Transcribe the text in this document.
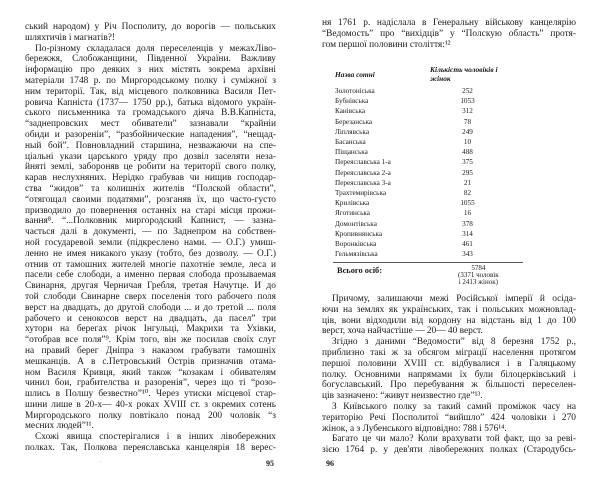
ський народом) у Річ Посполиту, до ворогів — польських
шляхтичів і магнатів?!
По-різному складалася доля переселенців у межахЛіво-
бережжя, Слобожанщини, Південної України. Важливу
інформацію про деяких з них містять зокрема архівні
матеріали 1748 р. по Миргородському полку і суміжної з
ним території. Так, від місцевого полковника Василя Пет-
ровича Капніста (1737— 1750 рр.), батька відомого україн-
ського письменника та громадського діяча В.В.Капніста,
“заднепровских мест обиватели” зазнавали “крайніи
обиди и разореніи”, “разбойнические нападения”, “нещад-
ный бой”. Повновладний старшина, незважаючи на спе-
ціальні укази царського уряду про дозвіл заселяти неза-
йняті землі, забороняв це робити на території свого полку,
карав неслухняних. Нерідко грабував чи нищив господар-
ства “жидов” та колишніх жителів “Полской области”,
“отягощал своими податями”, розганяв їх, що часто-густо
призводило до повернення останніх на старі місця прожи-
вання⁸. “...Полковник миргородский Капнист, — зазна-
чається далі в документі, — по Заднепром на собствен-
ной государевой земли (підкреслено нами. — О.Г.) умиш-
ленно не имея никакого указу (тобто, без дозволу. — О.Г.)
отнив от тамошних жителей многіе пахотніе земле, леса и
пасели себе слободи, а именно первая слобода прозываемая
Свинарня, другая Черничая Гребля, третая Начутце. И до
той слободи Свинарне сверх поселенія того рабочего поля
верст на двадцать, до другой слободи ... и до третой ... поля
рабочего и сенокосов верст на двадцать, да пасел” три
хутори на берегах річок Інгульці, Макрихи та Ухівки,
“отобрав все поля”⁹. Крім того, він же посилав своїх слуг
на правий берег Дніпра з наказом грабувати тамошніх
мешканців. А в с.Петровський Острів призначив отама-
ном Василя Кривця, який також “козакам і обивателям
чинил бои, грабителства и разоренія”, через що ті “розо-
шлись в Полшу безвестно”¹⁰. Через утиски місцевої стар-
шини лише в 20-х— 40-х роках XVIII ст. з окремих сотень
Миргородського полку повтікало понад 200 чоловік “з
месних людей”¹¹.
Схожі явища спостерігалися і в інших лівобережних
полках. Так, Полкова переяславська канцелярія 18 верес-
'	95
ня 1761 р. надіслала в Генеральну військову канцелярію
“Ведомость” про “вихідців” у “Полскую область” протя-
гом першої половини століття:¹²
Причому, залишаючи межі Російської імперії й осіда-
ючи на землях як українських, так і польських можновлад-
ців, вони відходили від кордону на відстань від 1 до 100
верст, хоча найчастіше — 20— 40 верст.
Згідно з даними “Ведомости” від 8 березня 1752 р.,
приблизно такі ж за обсягом міграції населення протягом
першої половини XVIII ст. відбувалися і в Галяцькому
полку. Основними напрямами їх були білоцерківський і
богуславський. Про перебування ж більшості переселен-
ців зазначено: “живут неизвестно где”¹³.
З Київського полку за такий самий проміжок часу на
територію Речі Посполитої “вийшло” 424 чоловіки і 270
жінок, а з Лубенського відповідно: 788 і 576¹⁴.
Багато це чи мало? Коли врахувати той факт, що за реві-
зією 1764 р. у дев'яти лівобережних полках (Стародубсь-
96
Назва сотні	Кількість чоловіків і жінок
Золотоніська	252
Бубнівська	1053
Канівська	312
Березанська	78
Ліплявська	249
Басанська	10
Піщанська	488
Переяславська 1-а	375
Переяславська 2-а	295
Переяславська 3-а	21
Трахтемирівська	82
Крилівська	1055
Яготинська	16
Домонтівська	378
Кропивнянська	314
Воронківська	461
Гельмязівська	343
Всього осіб:	5784
(3371 чоловік
і 2413 жінок)
